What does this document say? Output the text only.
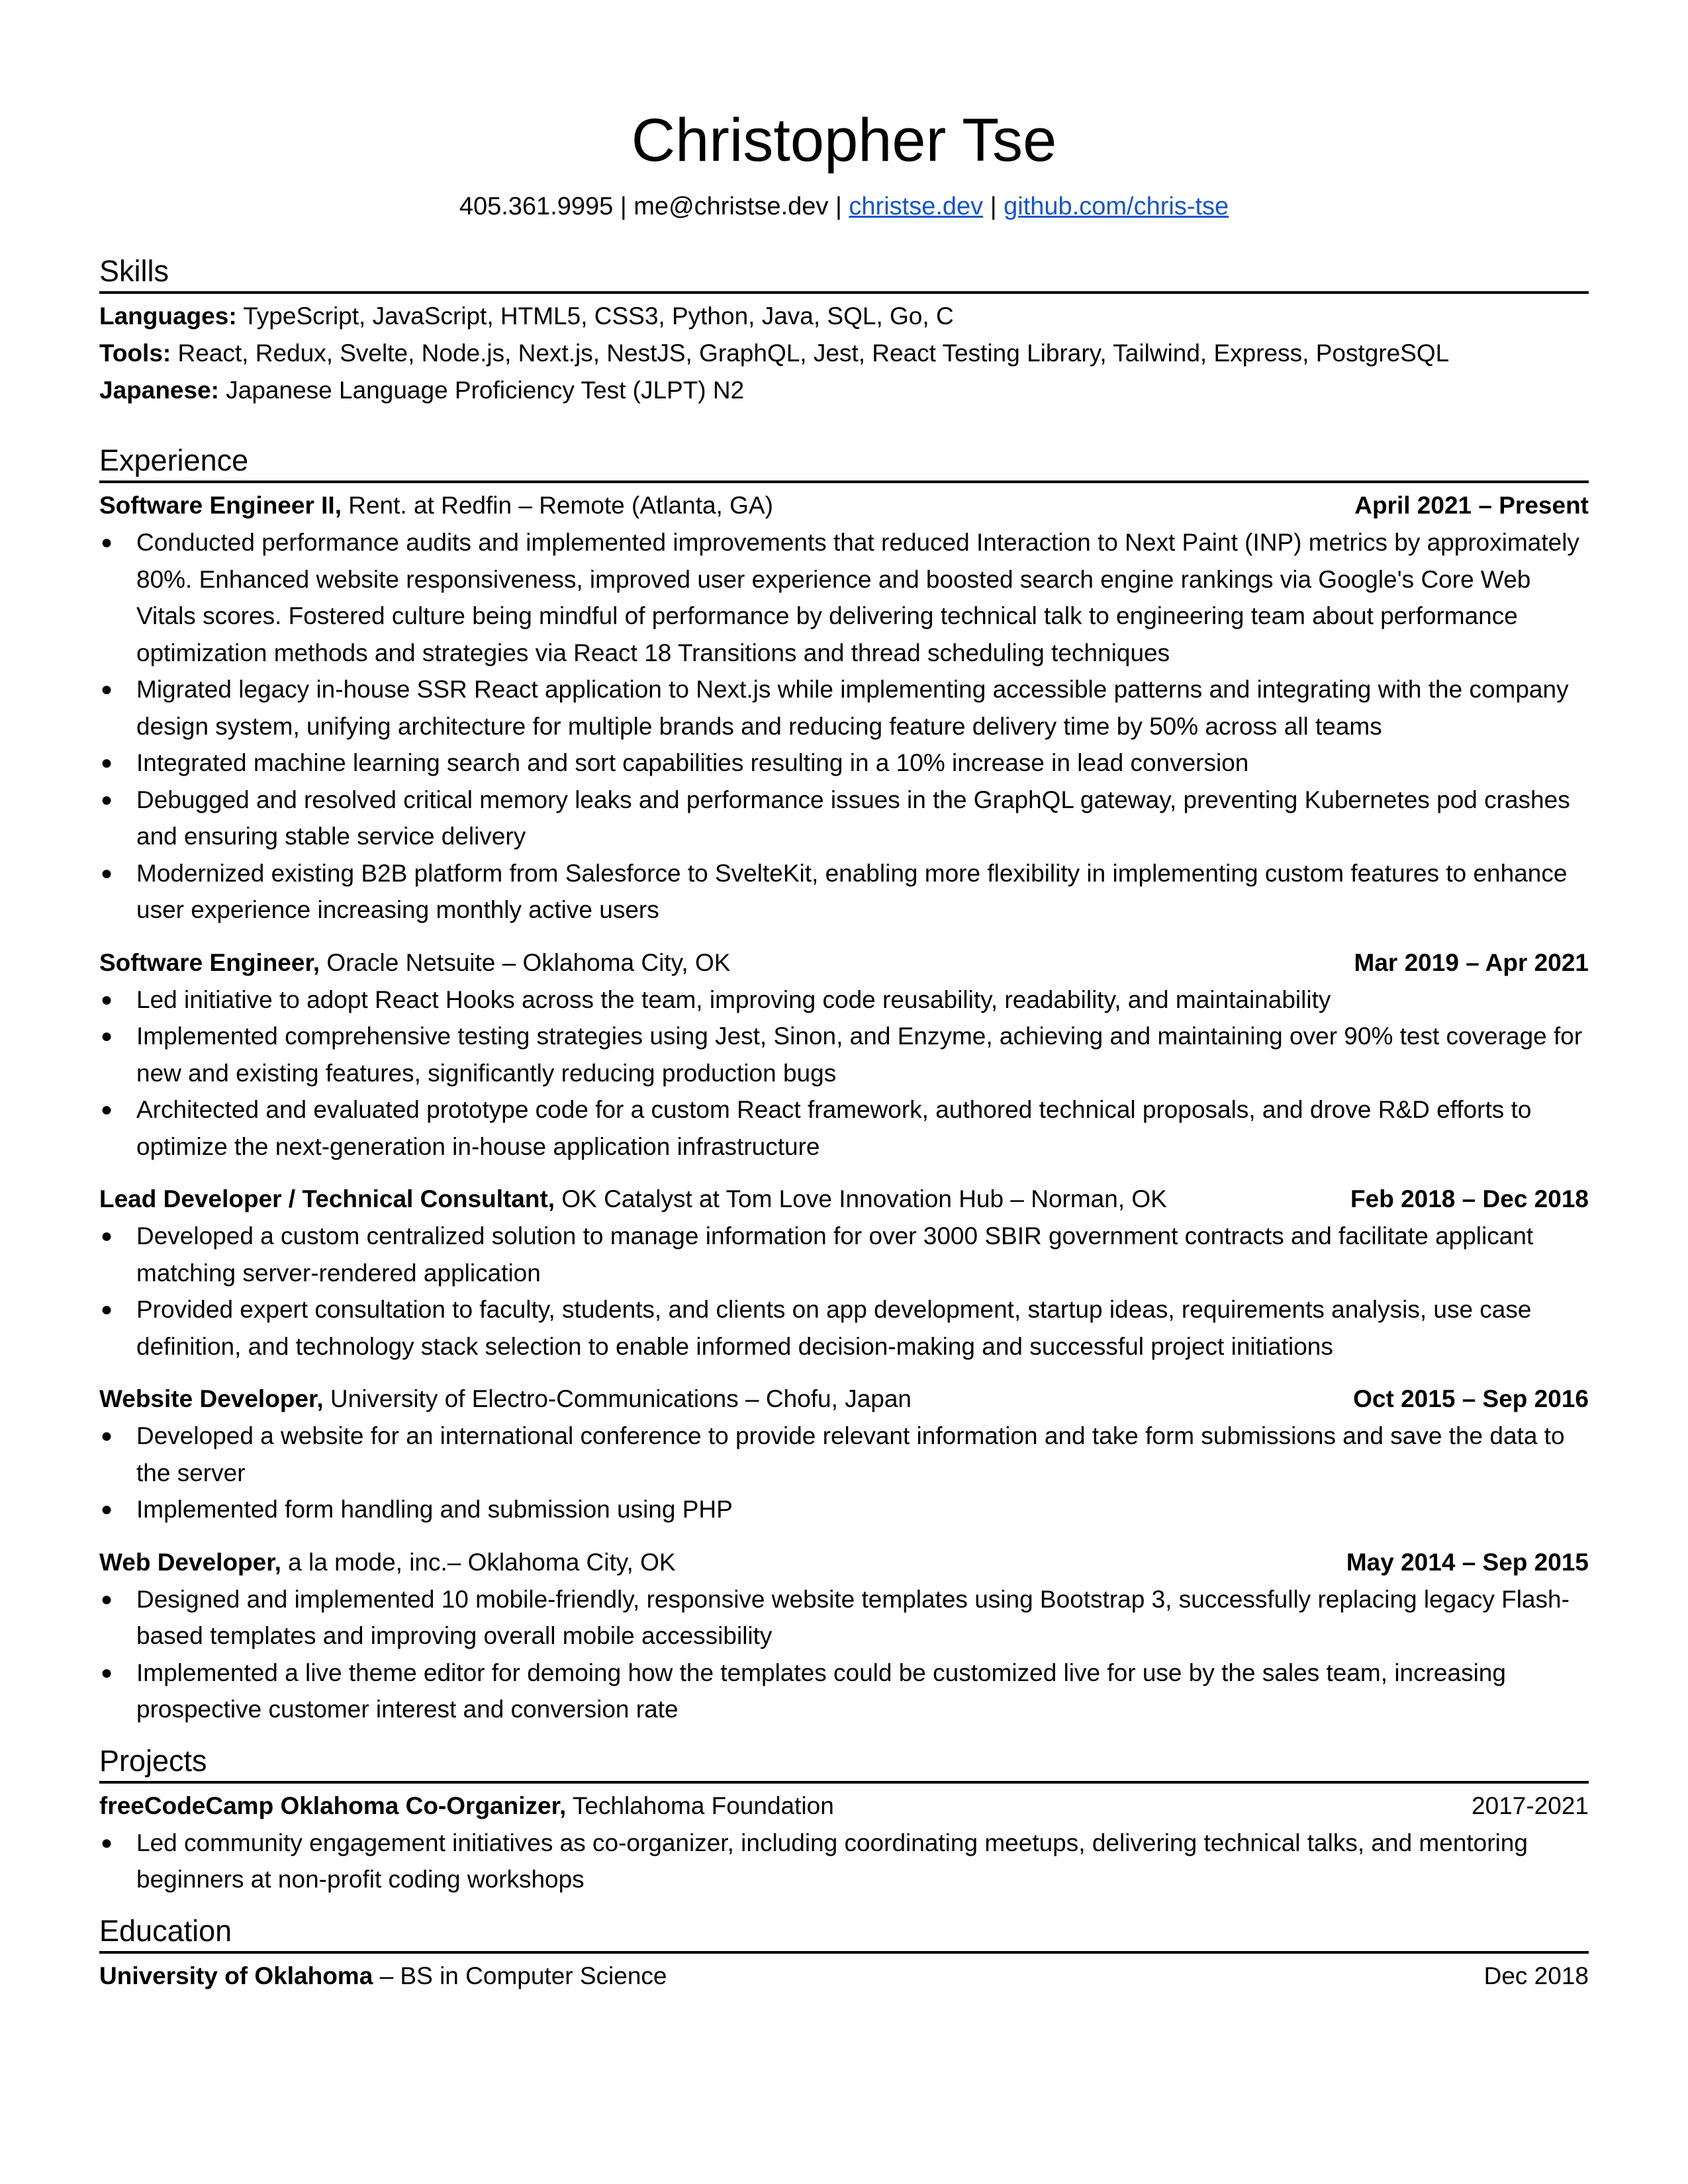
Christopher Tse
405.361.9995 | me@christse.dev | christse.dev | github.com/chris-tse
Skills
Languages: TypeScript, JavaScript, HTML5, CSS3, Python, Java, SQL, Go, C
Tools: React, Redux, Svelte, Node.js, Next.js, NestJS, GraphQL, Jest, React Testing Library, Tailwind, Express, PostgreSQL
Japanese: Japanese Language Proficiency Test (JLPT) N2
Experience
Software Engineer II, Rent. at Redfin – Remote (Atlanta, GA)	April 2021 – Present
● Conducted performance audits and implemented improvements that reduced Interaction to Next Paint (INP) metrics by approximately 80%. Enhanced website responsiveness, improved user experience and boosted search engine rankings via Google's Core Web Vitals scores. Fostered culture being mindful of performance by delivering technical talk to engineering team about performance optimization methods and strategies via React 18 Transitions and thread scheduling techniques
● Migrated legacy in-house SSR React application to Next.js while implementing accessible patterns and integrating with the company design system, unifying architecture for multiple brands and reducing feature delivery time by 50% across all teams
● Integrated machine learning search and sort capabilities resulting in a 10% increase in lead conversion
● Debugged and resolved critical memory leaks and performance issues in the GraphQL gateway, preventing Kubernetes pod crashes and ensuring stable service delivery
● Modernized existing B2B platform from Salesforce to SvelteKit, enabling more flexibility in implementing custom features to enhance user experience increasing monthly active users
Software Engineer, Oracle Netsuite – Oklahoma City, OK	Mar 2019 – Apr 2021
● Led initiative to adopt React Hooks across the team, improving code reusability, readability, and maintainability
● Implemented comprehensive testing strategies using Jest, Sinon, and Enzyme, achieving and maintaining over 90% test coverage for new and existing features, significantly reducing production bugs
● Architected and evaluated prototype code for a custom React framework, authored technical proposals, and drove R&D efforts to optimize the next-generation in-house application infrastructure
Lead Developer / Technical Consultant, OK Catalyst at Tom Love Innovation Hub – Norman, OK	Feb 2018 – Dec 2018
● Developed a custom centralized solution to manage information for over 3000 SBIR government contracts and facilitate applicant matching server-rendered application
● Provided expert consultation to faculty, students, and clients on app development, startup ideas, requirements analysis, use case definition, and technology stack selection to enable informed decision-making and successful project initiations
Website Developer, University of Electro-Communications – Chofu, Japan	Oct 2015 – Sep 2016
● Developed a website for an international conference to provide relevant information and take form submissions and save the data to the server
● Implemented form handling and submission using PHP
Web Developer, a la mode, inc.– Oklahoma City, OK	May 2014 – Sep 2015
● Designed and implemented 10 mobile-friendly, responsive website templates using Bootstrap 3, successfully replacing legacy Flash-based templates and improving overall mobile accessibility
● Implemented a live theme editor for demoing how the templates could be customized live for use by the sales team, increasing prospective customer interest and conversion rate
Projects
freeCodeCamp Oklahoma Co-Organizer, Techlahoma Foundation	2017-2021
● Led community engagement initiatives as co-organizer, including coordinating meetups, delivering technical talks, and mentoring beginners at non-profit coding workshops
Education
University of Oklahoma – BS in Computer Science	Dec 2018
